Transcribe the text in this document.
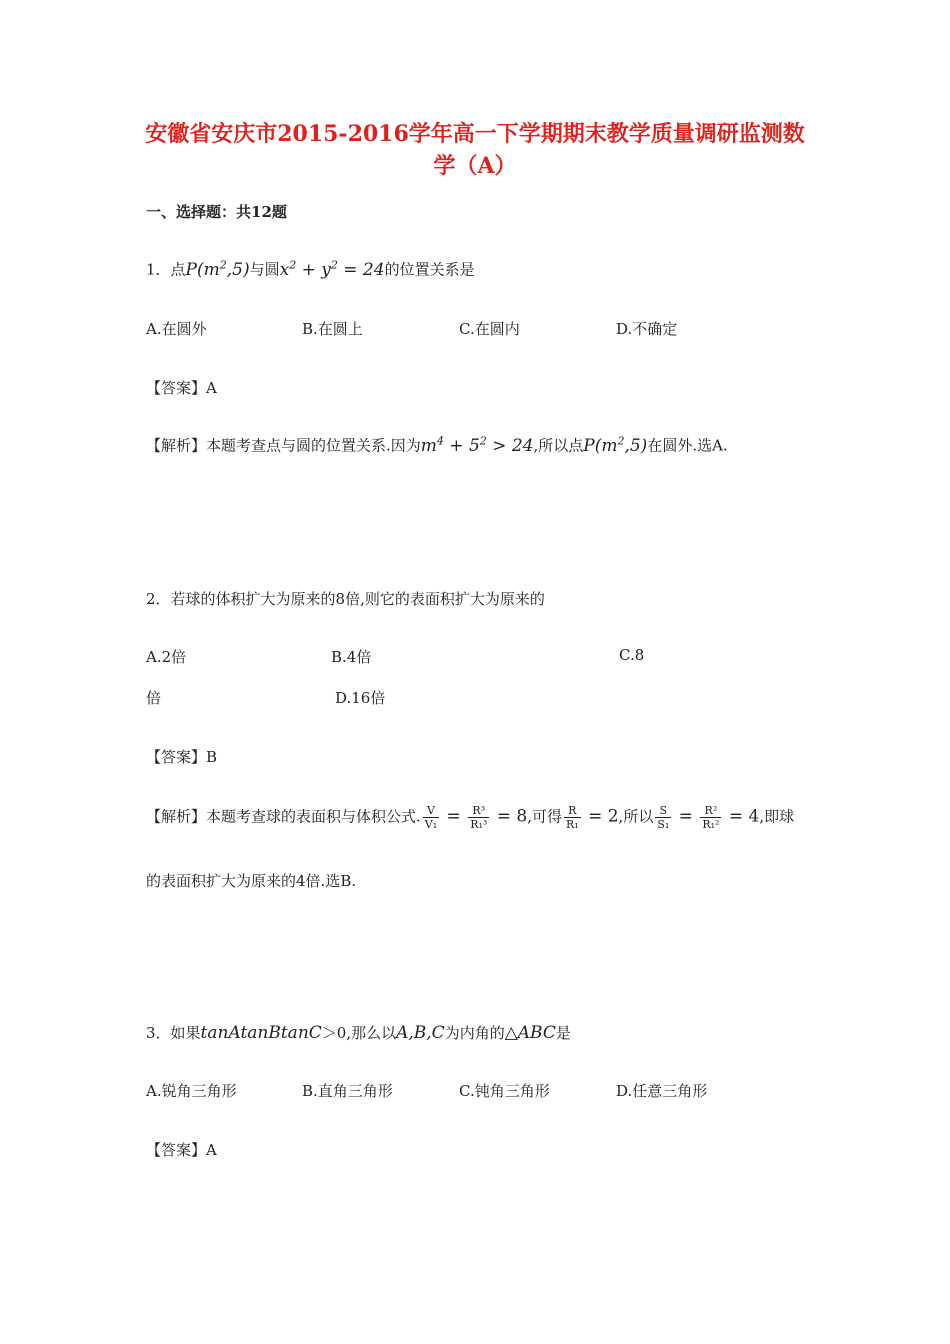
安徽省安庆市2015-2016学年高一下学期期末教学质量调研监测数
学（A）
一、选择题：共12题
1．点$P(m^2,5)$与圆$x^2 + y^2 = 24$的位置关系是
A.在圆外	B.在圆上	C.在圆内	D.不确定
【答案】A
【解析】本题考查点与圆的位置关系.因为$m^4 + 5^2 > 24$,所以点$P(m^2,5)$在圆外.选A.
2．若球的体积扩大为原来的8倍,则它的表面积扩大为原来的
A.2倍	B.4倍	C.8
倍	D.16倍
【答案】B
【解析】本题考查球的表面积与体积公式. $\frac{V}{\text{V₁}} = \frac{\text{R³}}{\text{R₁³}} = 8$,可得 $\frac{R}{\text{R₁}} = 2$,所以 $\frac{S}{\text{S₁}} = \frac{\text{R²}}{\text{R₁²}} = 4$,即球
的表面积扩大为原来的4倍.选B.
3．如果tanAtanBtanC＞0,那么以A,B,C为内角的△ABC是
A.锐角三角形	B.直角三角形	C.钝角三角形	D.任意三角形
【答案】A
